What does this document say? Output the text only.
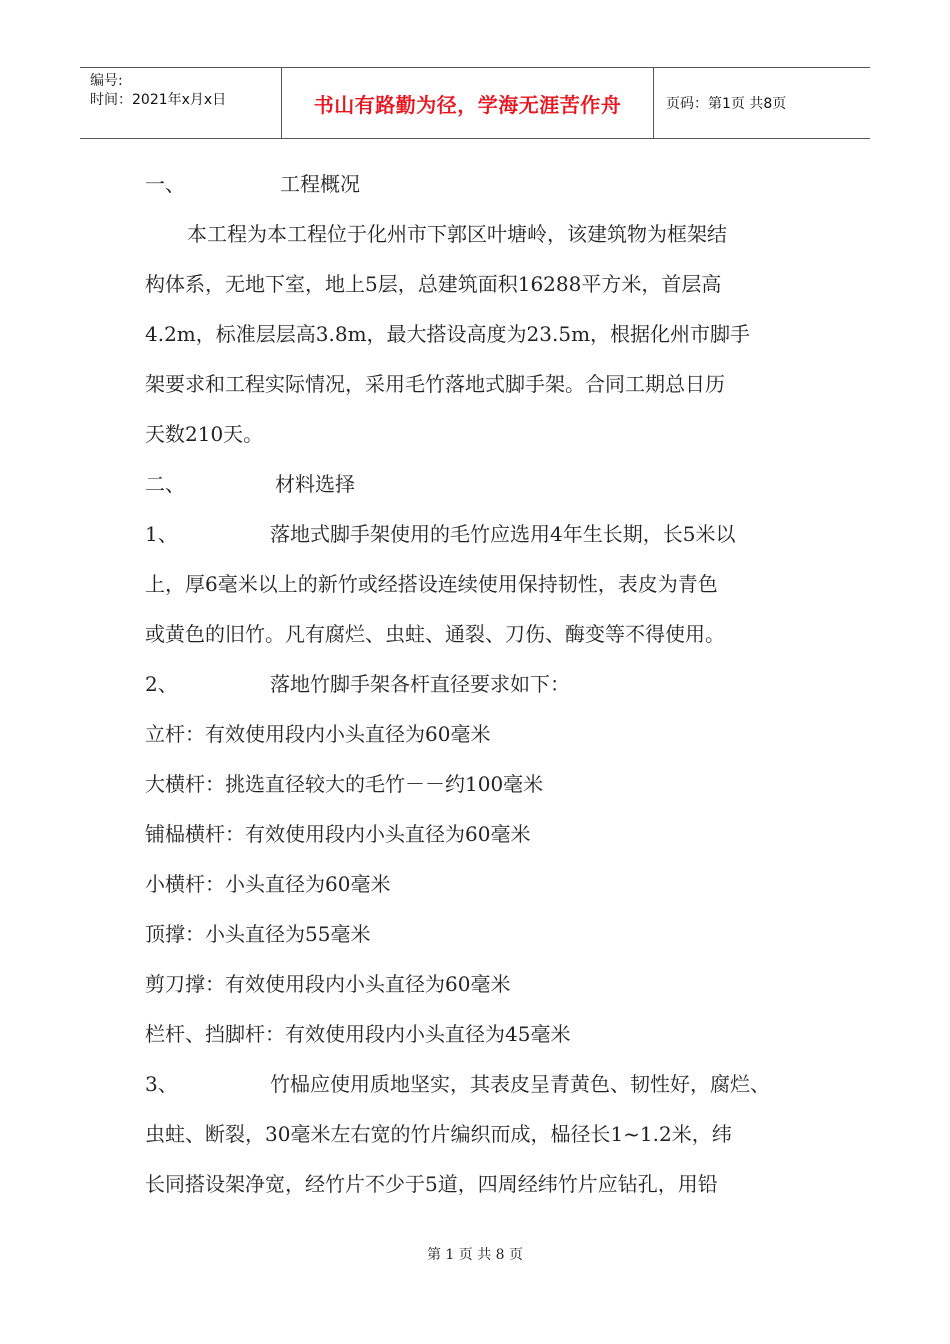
编号:
时间：2021年x月x日	书山有路勤为径，学海无涯苦作舟	页码：第1页 共8页
一、	工程概况
本工程为本工程位于化州市下郭区叶塘岭，该建筑物为框架结
构体系，无地下室，地上5层，总建筑面积16288平方米，首层高
4.2m，标准层层高3.8m，最大搭设高度为23.5m，根据化州市脚手
架要求和工程实际情况，采用毛竹落地式脚手架。合同工期总日历
天数210天。
二、	材料选择
1、	落地式脚手架使用的毛竹应选用4年生长期，长5米以
上，厚6毫米以上的新竹或经搭设连续使用保持韧性，表皮为青色
或黄色的旧竹。凡有腐烂、虫蛀、通裂、刀伤、酶变等不得使用。
2、	落地竹脚手架各杆直径要求如下：
立杆：有效使用段内小头直径为60毫米
大横杆：挑选直径较大的毛竹－－约100毫米
铺榀横杆：有效使用段内小头直径为60毫米
小横杆：小头直径为60毫米
顶撑：小头直径为55毫米
剪刀撑：有效使用段内小头直径为60毫米
栏杆、挡脚杆：有效使用段内小头直径为45毫米
3、	竹榀应使用质地坚实，其表皮呈青黄色、韧性好，腐烂、
虫蛀、断裂，30毫米左右宽的竹片编织而成，榀径长1~1.2米，纬
长同搭设架净宽，经竹片不少于5道，四周经纬竹片应钻孔，用铅
第 1 页 共 8 页
